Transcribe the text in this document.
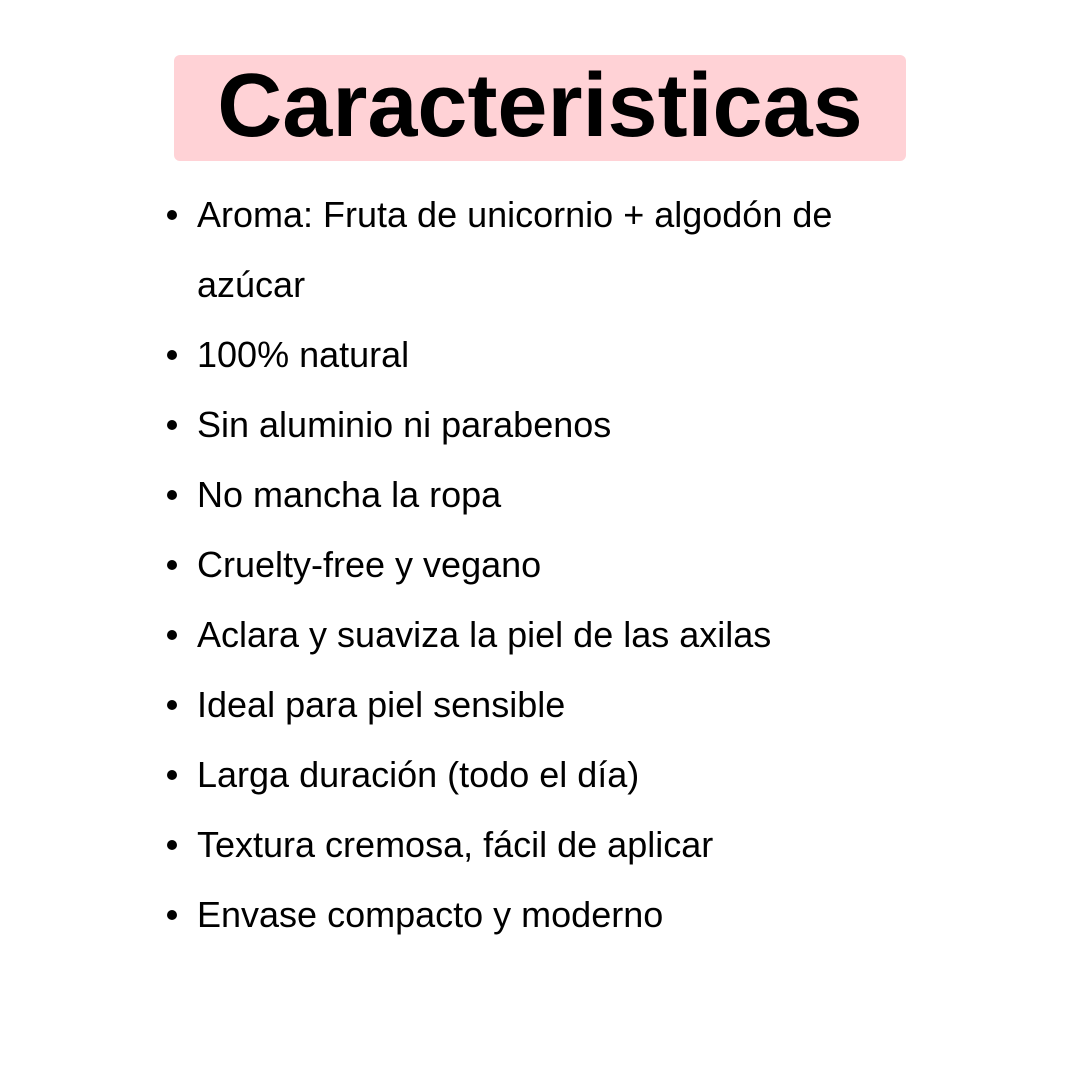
Caracteristicas
Aroma: Fruta de unicornio + algodón de azúcar
100% natural
Sin aluminio ni parabenos
No mancha la ropa
Cruelty-free y vegano
Aclara y suaviza la piel de las axilas
Ideal para piel sensible
Larga duración (todo el día)
Textura cremosa, fácil de aplicar
Envase compacto y moderno
